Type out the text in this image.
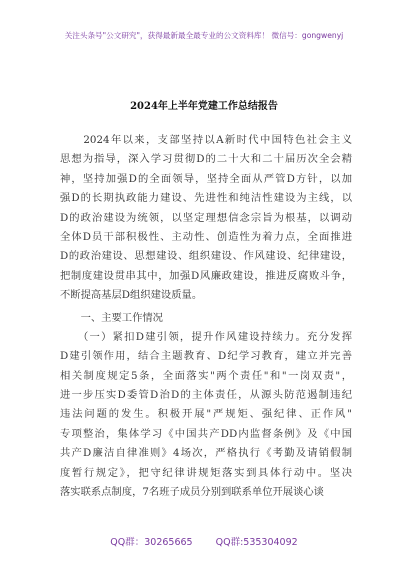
关注头条号"公文研究"，获得最新最全最专业的公文资料库！ 微信号：gongwenyj
2024年上半年党建工作总结报告
　　2024年以来，支部坚持以A新时代中国特色社会主义
思想为指导，深入学习贯彻D的二十大和二十届历次全会精
神，坚持加强D的全面领导，坚持全面从严管D方针，以加
强D的长期执政能力建设、先进性和纯洁性建设为主线，以
D的政治建设为统领，以坚定理想信念宗旨为根基，以调动
全体D员干部积极性、主动性、创造性为着力点，全面推进
D的政治建设、思想建设、组织建设、作风建设、纪律建设，
把制度建设贯串其中，加强D风廉政建设，推进反腐败斗争，
不断提高基层D组织建设质量。
　　一、主要工作情况
　　（一）紧扣D建引领，提升作风建设持续力。充分发挥
D建引领作用，结合主题教育、D纪学习教育，建立并完善
相关制度规定5条，全面落实"两个责任"和"一岗双责"，
进一步压实D委管D治D的主体责任，从源头防范遏制违纪
违法问题的发生。积极开展"严规矩、强纪律、正作风"
专项整治，集体学习《中国共产DD内监督条例》及《中国
共产D廉洁自律准则》4场次，严格执行《考勤及请销假制
度暂行规定》，把守纪律讲规矩落实到具体行动中。坚决
落实联系点制度，7名班子成员分别到联系单位开展谈心谈
QQ群：30265665 QQ群:535304092
